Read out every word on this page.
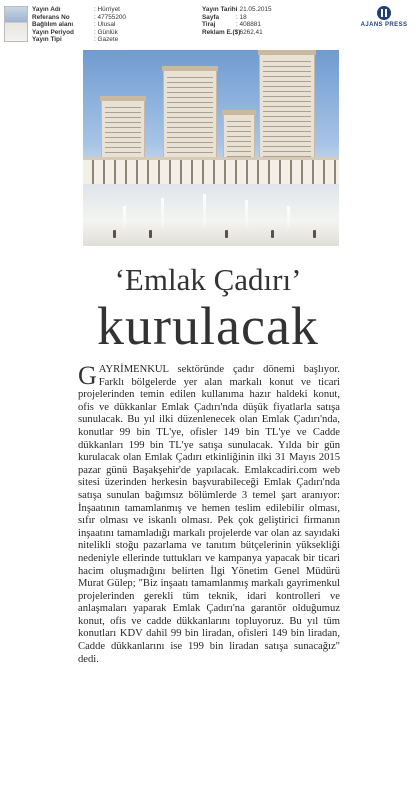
Yayın Adı	: Hürriyet
Referans No	: 47755200
Bağlılım alanı	: Ulusal
Yayın Periyod	: Günlük
Yayın Tipi	: Gazete
Yayın Tarihi: 21.05.2015
Sayfa	: 18
Tiraj	: 408881
Reklam E.($): 6262,41
AJANS PRESS
‘Emlak Çadırı’
kurulacak

GAYRİMENKUL sektöründe çadır dönemi başlıyor. Farklı bölgelerde yer alan markalı konut ve ticari projelerinden temin edilen kullanıma hazır haldeki konut, ofis ve dükkanlar Emlak Çadırı'nda düşük fiyatlarla satışa sunulacak. Bu yıl ilki düzenlenecek olan Emlak Çadırı'nda, konutlar 99 bin TL'ye, ofisler 149 bin TL'ye ve Cadde dükkanları 199 bin TL'ye satışa sunulacak. Yılda bir gün kurulacak olan Emlak Çadırı etkinliğinin ilki 31 Mayıs 2015 pazar günü Başakşehir'de yapılacak. Emlakcadiri.com web sitesi üzerinden herkesin başvurabileceği Emlak Çadırı'nda satışa sunulan bağımsız bölümlerde 3 temel şart aranıyor: İnşaatının tamamlanmış ve hemen teslim edilebilir olması, sıfır olması ve iskanlı olması. Pek çok geliştirici firmanın inşaatını tamamladığı markalı projelerde var olan az sayıdaki nitelikli stoğu pazarlama ve tanıtım bütçelerinin yüksekliği nedeniyle ellerinde tuttukları ve kampanya yapacak bir ticari hacim oluşmadığını belirten İlgi Yönetim Genel Müdürü Murat Gülep; "Biz inşaatı tamamlanmış markalı gayrimenkul projelerinden gerekli tüm teknik, idari kontrolleri ve anlaşmaları yaparak Emlak Çadırı'na garantör olduğumuz konut, ofis ve cadde dükkanlarını topluyoruz. Bu yıl tüm konutları KDV dahil 99 bin liradan, ofisleri 149 bin liradan, Cadde dükkanlarını ise 199 bin liradan satışa sunacağız" dedi.
